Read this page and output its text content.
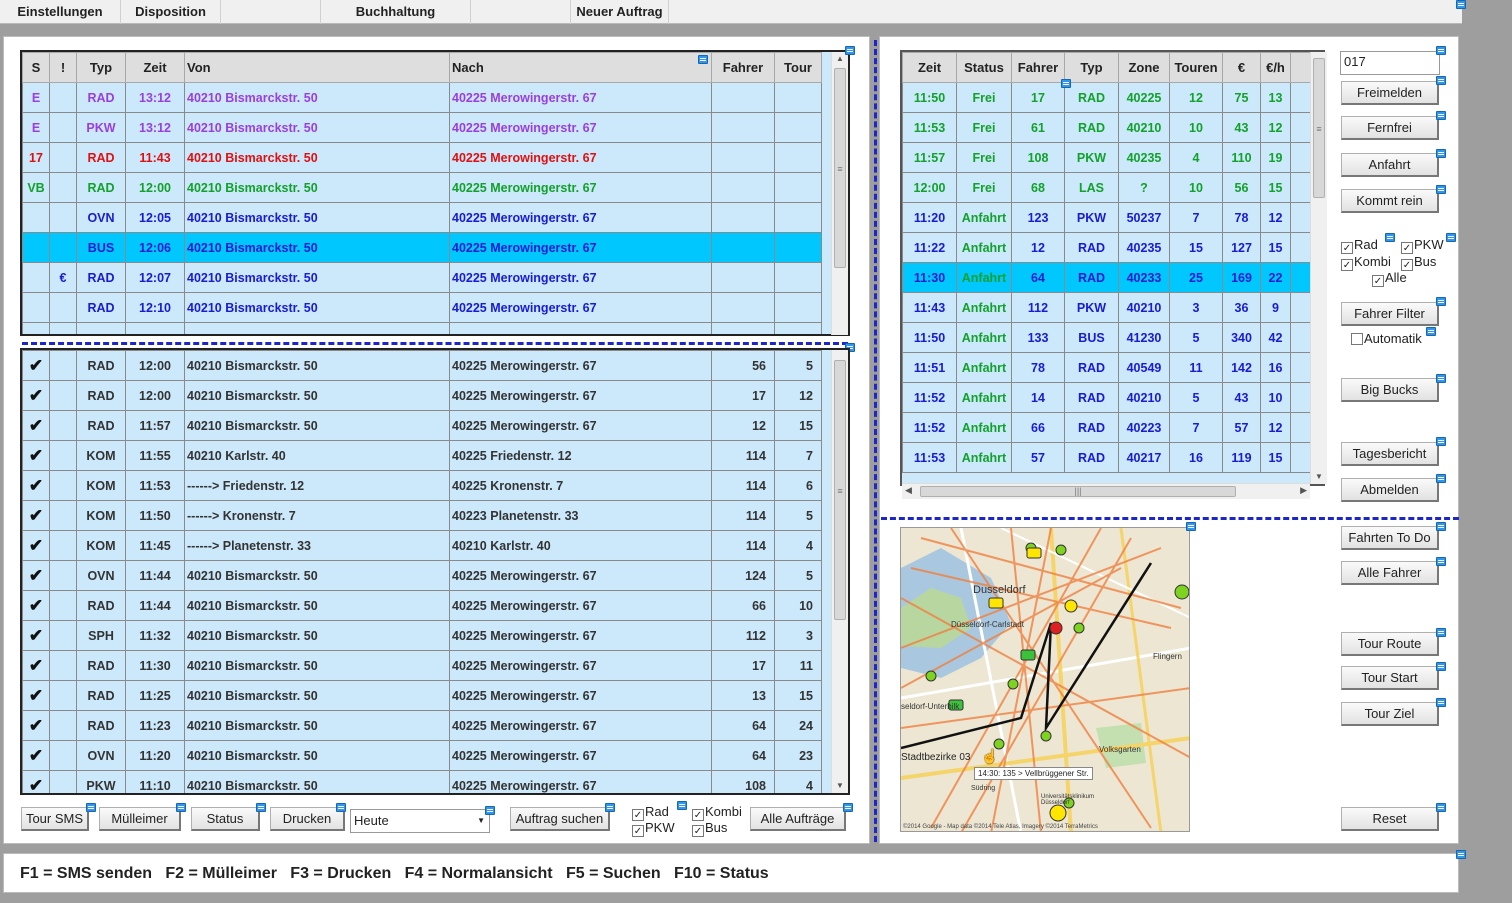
Einstellungen	Disposition	Buchhaltung	Neuer Auftrag
S	!	Typ	Zeit	Von	Nach	Fahrer	Tour
E		RAD	13:12	40210 Bismarckstr. 50	40225 Merowingerstr. 67		
E		PKW	13:12	40210 Bismarckstr. 50	40225 Merowingerstr. 67		
17		RAD	11:43	40210 Bismarckstr. 50	40225 Merowingerstr. 67		
VB		RAD	12:00	40210 Bismarckstr. 50	40225 Merowingerstr. 67		
		OVN	12:05	40210 Bismarckstr. 50	40225 Merowingerstr. 67		
		BUS	12:06	40210 Bismarckstr. 50	40225 Merowingerstr. 67		
	€	RAD	12:07	40210 Bismarckstr. 50	40225 Merowingerstr. 67		
		RAD	12:10	40210 Bismarckstr. 50	40225 Merowingerstr. 67		

▲
≡
✔		RAD	12:00	40210 Bismarckstr. 50	40225 Merowingerstr. 67	56	5
✔		RAD	12:00	40210 Bismarckstr. 50	40225 Merowingerstr. 67	17	12
✔		RAD	11:57	40210 Bismarckstr. 50	40225 Merowingerstr. 67	12	15
✔		KOM	11:55	40210 Karlstr. 40	40225 Friedenstr. 12	114	7
✔		KOM	11:53	------> Friedenstr. 12	40225 Kronenstr. 7	114	6
✔		KOM	11:50	------> Kronenstr. 7	40223 Planetenstr. 33	114	5
✔		KOM	11:45	------> Planetenstr. 33	40210 Karlstr. 40	114	4
✔		OVN	11:44	40210 Bismarckstr. 50	40225 Merowingerstr. 67	124	5
✔		RAD	11:44	40210 Bismarckstr. 50	40225 Merowingerstr. 67	66	10
✔		SPH	11:32	40210 Bismarckstr. 50	40225 Merowingerstr. 67	112	3
✔		RAD	11:30	40210 Bismarckstr. 50	40225 Merowingerstr. 67	17	11
✔		RAD	11:25	40210 Bismarckstr. 50	40225 Merowingerstr. 67	13	15
✔		RAD	11:23	40210 Bismarckstr. 50	40225 Merowingerstr. 67	64	24
✔		OVN	11:20	40210 Bismarckstr. 50	40225 Merowingerstr. 67	64	23
✔		PKW	11:10	40210 Bismarckstr. 50	40225 Merowingerstr. 67	108	4
≡
▼
Tour SMS	Mülleimer	Status	Drucken	Heute	▼	Auftrag suchen	✓ Rad
✓ PKW
✓ Kombi
✓ Bus
Alle Aufträge
Zeit	Status	Fahrer	Typ	Zone	Touren	€	€/h	
11:50	Frei	17	RAD	40225	12	75	13	
11:53	Frei	61	RAD	40210	10	43	12	
11:57	Frei	108	PKW	40235	4	110	19	
12:00	Frei	68	LAS	?	10	56	15	
11:20	Anfahrt	123	PKW	50237	7	78	12	
11:22	Anfahrt	12	RAD	40235	15	127	15	
11:30	Anfahrt	64	RAD	40233	25	169	22	
11:43	Anfahrt	112	PKW	40210	3	36	9	
11:50	Anfahrt	133	BUS	41230	5	340	42	
11:51	Anfahrt	78	RAD	40549	11	142	16	
11:52	Anfahrt	14	RAD	40210	5	43	10	
11:52	Anfahrt	66	RAD	40223	7	57	12	
11:53	Anfahrt	57	RAD	40217	16	119	15	
≡
▼
|||
◀	▶
017
Freimelden
Fernfrei
Anfahrt
Kommt rein
✓ Rad ✓ PKW
✓ Kombi ✓ Bus
✓ Alle
Fahrer Filter
Automatik
Big Bucks
Tagesbericht
Abmelden
Fahrten To Do
Alle Fahrer
Tour Route
Tour Start
Tour Ziel
Reset
Dusseldorf
Düsseldorf-Carlstadt
Flingern
seldorf-Unterbilk
Stadtbezirke 03
Volksgarten
Universitätsklinikum Düsseldorf
Südring
14:30: 135 > Vellbrüggener Str.
☝
©2014 Google - Map data ©2014 Tele Atlas, Imagery ©2014 TerraMetrics
F1 = SMS senden   F2 = Mülleimer   F3 = Drucken   F4 = Normalansicht   F5 = Suchen   F10 = Status
